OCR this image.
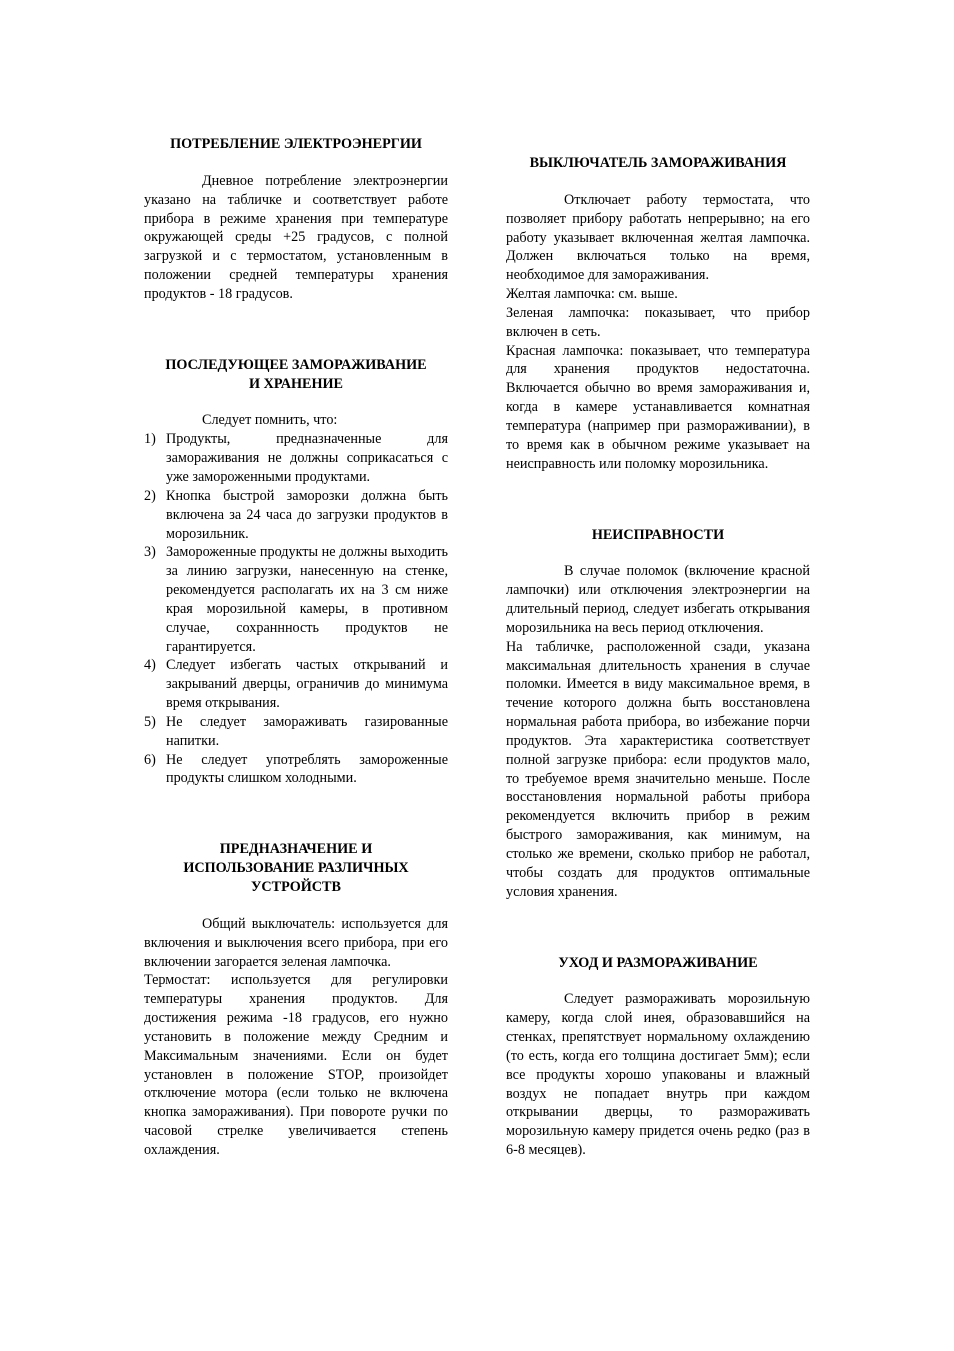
ПОТРЕБЛЕНИЕ ЭЛЕКТРОЭНЕРГИИ

Дневное потребление электроэнергии указано на табличке и соответствует работе прибора в режиме хранения при температуре окружающей среды +25 градусов, с полной загрузкой и с термостатом, установленным в положении средней температуры хранения продуктов - 18 градусов.

ПОСЛЕДУЮЩЕЕ ЗАМОРАЖИВАНИЕ
И ХРАНЕНИЕ

Следует помнить, что:

1) Продукты, предназначенные для замораживания не должны соприкасаться с уже замороженными продуктами.
2) Кнопка быстрой заморозки должна быть включена за 24 часа до загрузки продуктов в морозильник.
3) Замороженные продукты не должны выходить за линию загрузки, нанесенную на стенке, рекомендуется располагать их на 3 см ниже края морозильной камеры, в противном случае, сохраннность продуктов не гарантируется.
4) Следует избегать частых открываний и закрываний дверцы, ограничив до минимума время открывания.
5) Не следует замораживать газированные напитки.
6) Не следует употреблять замороженные продукты слишком холодными.
ПРЕДНАЗНАЧЕНИЕ И
ИСПОЛЬЗОВАНИЕ РАЗЛИЧНЫХ
УСТРОЙСТВ

Общий выключатель: используется для включения и выключения всего прибора, при его включении загорается зеленая лампочка.

Термостат: используется для регулировки температуры хранения продуктов. Для достижения режима -18 градусов, его нужно установить в положение между Средним и Максимальным значениями. Если он будет установлен в положение STOP, произойдет отключение мотора (если только не включена кнопка замораживания). При повороте ручки по часовой стрелке увеличивается степень охлаждения.

ВЫКЛЮЧАТЕЛЬ ЗАМОРАЖИВАНИЯ

Отключает работу термостата, что позволяет прибору работать непрерывно; на его работу указывает включенная желтая лампочка. Должен включаться только на время, необходимое для замораживания.

Желтая лампочка: см. выше.

Зеленая лампочка: показывает, что прибор включен в сеть.

Красная лампочка: показывает, что температура для хранения продуктов недостаточна. Включается обычно во время замораживания и, когда в камере устанавливается комнатная температура (например при размораживании), в то время как в обычном режиме указывает на неисправность или поломку морозильника.

НЕИСПРАВНОСТИ

В случае поломок (включение красной лампочки) или отключения электроэнергии на длительный период, следует избегать открывания морозильника на весь период отключения.

На табличке, расположенной сзади, указана максимальная длительность хранения в случае поломки. Имеется в виду максимальное время, в течение которого должна быть восстановлена нормальная работа прибора, во избежание порчи продуктов. Эта характеристика соответствует полной загрузке прибора: если продуктов мало, то требуемое время значительно меньше. После восстановления нормальной работы прибора рекомендуется включить прибор в режим быстрого замораживания, как минимум, на столько же времени, сколько прибор не работал, чтобы создать для продуктов оптимальные условия хранения.

УХОД И РАЗМОРАЖИВАНИЕ

Следует размораживать морозильную камеру, когда слой инея, образовавшийся на стенках, препятствует нормальному охлаждению (то есть, когда его толщина достигает 5мм); если все продукты хорошо упакованы и влажный воздух не попадает внутрь при каждом открывании дверцы, то размораживать морозильную камеру придется очень редко (раз в 6-8 месяцев).
